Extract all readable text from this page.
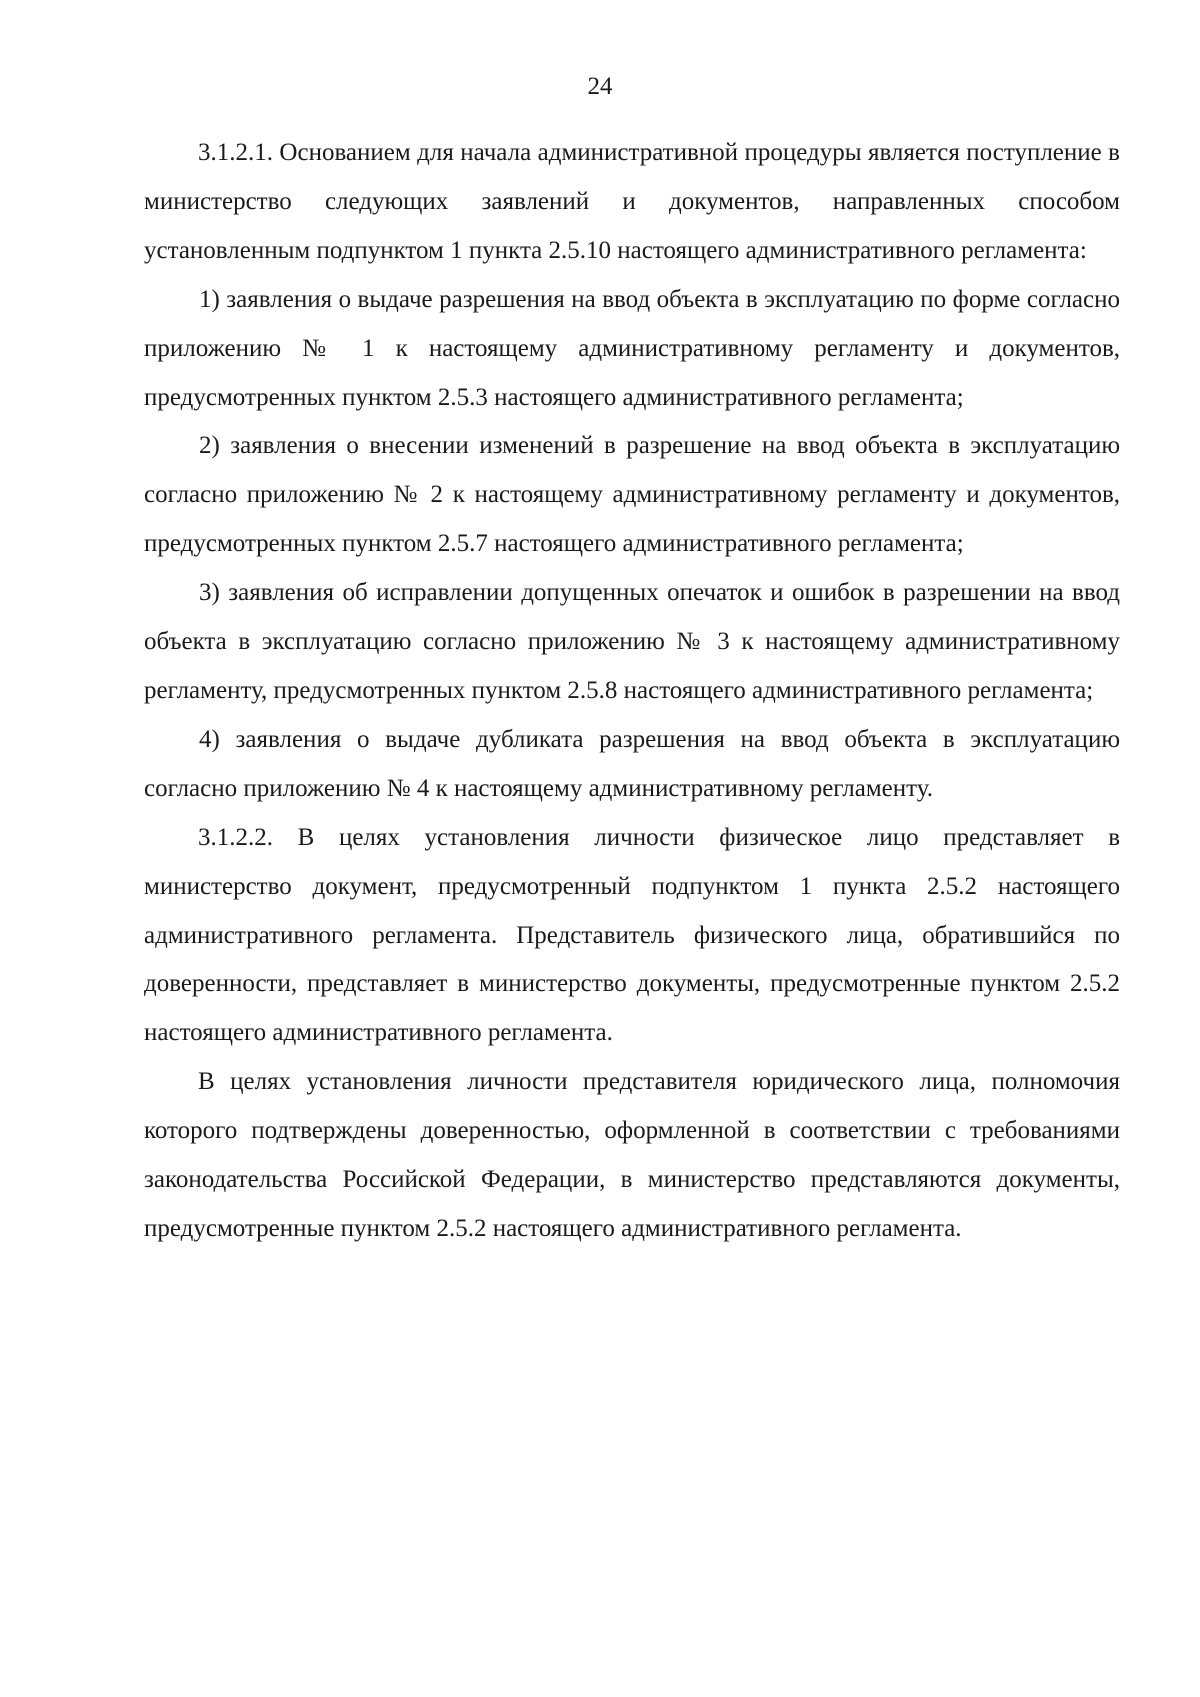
24

3.1.2.1. Основанием для начала административной процедуры является поступление в министерство следующих заявлений и документов, направленных способом установленным подпунктом 1 пункта 2.5.10 настоящего административного регламента:

1) заявления о выдаче разрешения на ввод объекта в эксплуатацию по форме согласно приложению № 1 к настоящему административному регламенту и документов, предусмотренных пунктом 2.5.3 настоящего административного регламента;

2) заявления о внесении изменений в разрешение на ввод объекта в эксплуатацию согласно приложению № 2 к настоящему административному регламенту и документов, предусмотренных пунктом 2.5.7 настоящего административного регламента;

3) заявления об исправлении допущенных опечаток и ошибок в разрешении на ввод объекта в эксплуатацию согласно приложению № 3 к настоящему административному регламенту, предусмотренных пунктом 2.5.8 настоящего административного регламента;

4) заявления о выдаче дубликата разрешения на ввод объекта в эксплуатацию согласно приложению № 4 к настоящему административному регламенту.

3.1.2.2. В целях установления личности физическое лицо представляет в министерство документ, предусмотренный подпунктом 1 пункта 2.5.2 настоящего административного регламента. Представитель физического лица, обратившийся по доверенности, представляет в министерство документы, предусмотренные пунктом 2.5.2 настоящего административного регламента.

В целях установления личности представителя юридического лица, полномочия которого подтверждены доверенностью, оформленной в соответствии с требованиями законодательства Российской Федерации, в министерство представляются документы, предусмотренные пунктом 2.5.2 настоящего административного регламента.
